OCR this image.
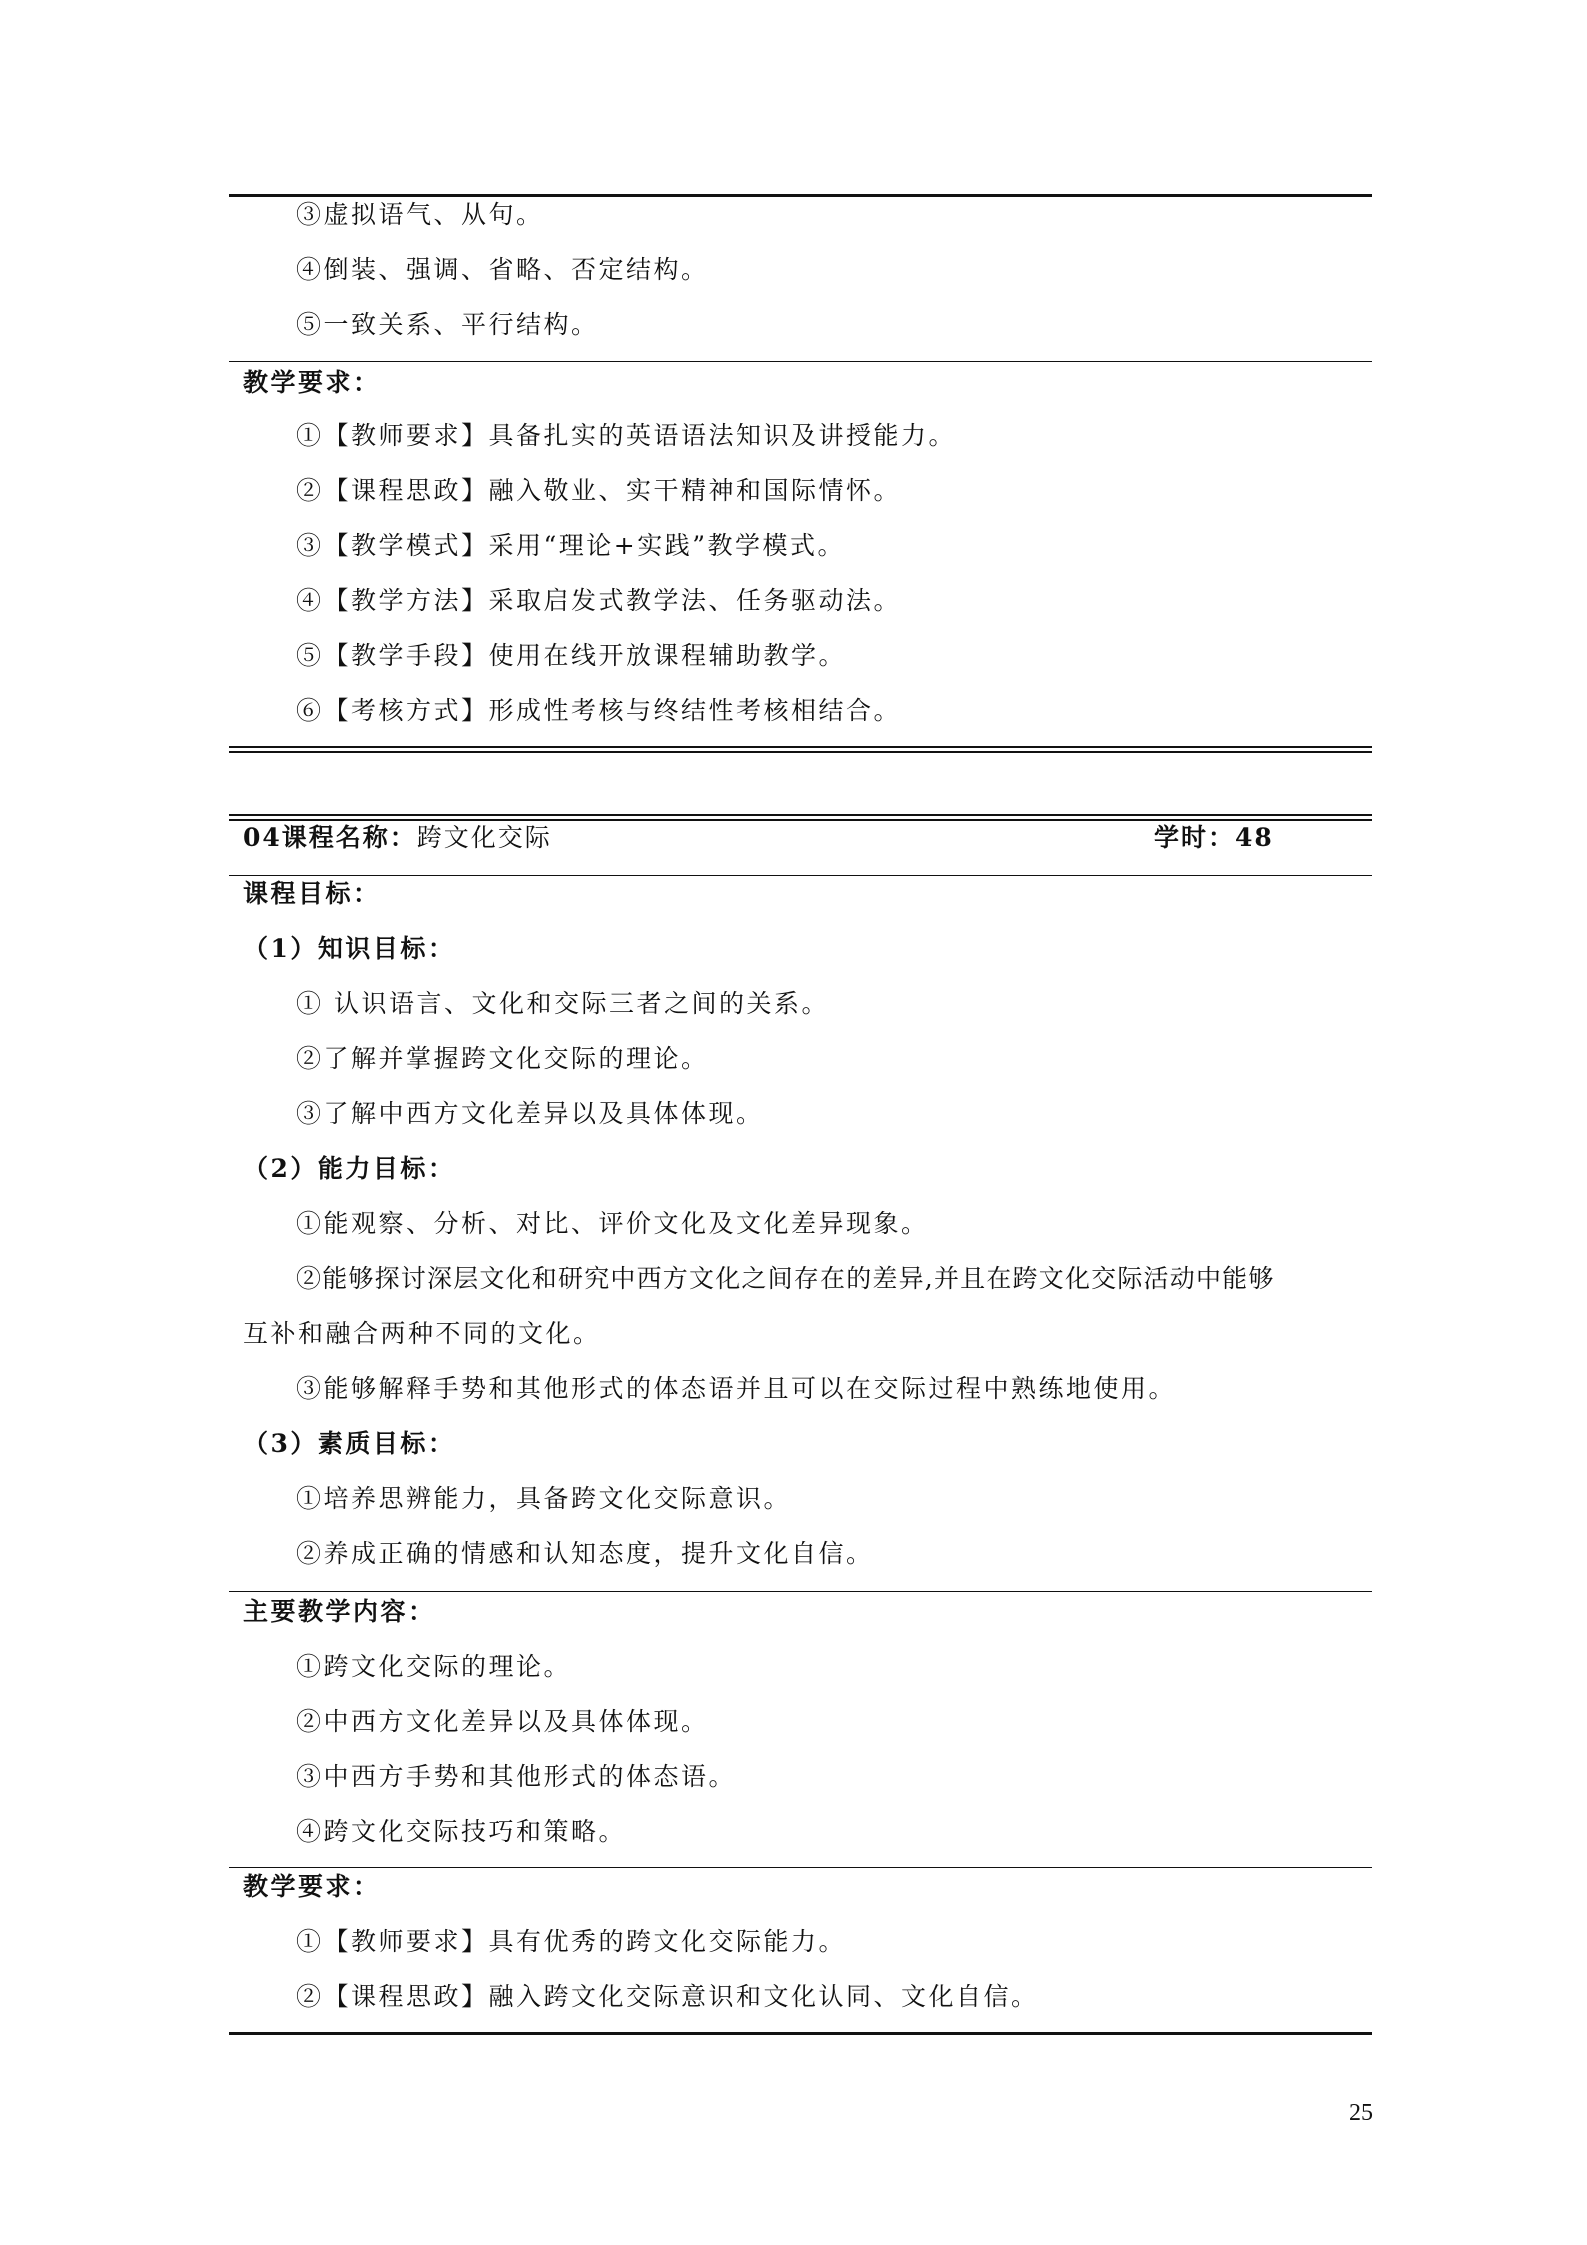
③虚拟语气、从句。
④倒装、强调、省略、否定结构。
⑤一致关系、平行结构。
教学要求：
①【教师要求】具备扎实的英语语法知识及讲授能力。
②【课程思政】融入敬业、实干精神和国际情怀。
③【教学模式】采用“理论+实践”教学模式。
④【教学方法】采取启发式教学法、任务驱动法。
⑤【教学手段】使用在线开放课程辅助教学。
⑥【考核方式】形成性考核与终结性考核相结合。
04课程名称：跨文化交际	学时：48
课程目标：
（1）知识目标：
① 认识语言、文化和交际三者之间的关系。
②了解并掌握跨文化交际的理论。
③了解中西方文化差异以及具体体现。
（2）能力目标：
①能观察、分析、对比、评价文化及文化差异现象。
②能够探讨深层文化和研究中西方文化之间存在的差异,并且在跨文化交际活动中能够
互补和融合两种不同的文化。
③能够解释手势和其他形式的体态语并且可以在交际过程中熟练地使用。
（3）素质目标：
①培养思辨能力，具备跨文化交际意识。
②养成正确的情感和认知态度，提升文化自信。
主要教学内容：
①跨文化交际的理论。
②中西方文化差异以及具体体现。
③中西方手势和其他形式的体态语。
④跨文化交际技巧和策略。
教学要求：
①【教师要求】具有优秀的跨文化交际能力。
②【课程思政】融入跨文化交际意识和文化认同、文化自信。
25
